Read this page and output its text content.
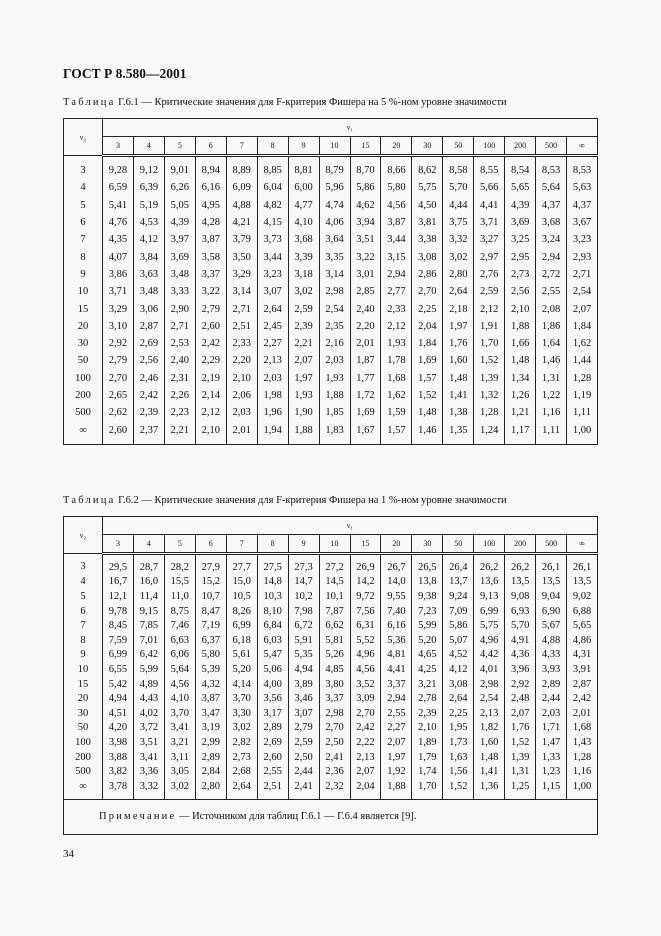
ГОСТ Р 8.580—2001
Таблица Г.6.1 — Критические значения для F-критерия Фишера на 5 %-ном уровне значимости
ν₂	ν₁															
	3	4	5	6	7	8	9	10	15	20	30	50	100	200	500	∞
3	9,28	9,12	9,01	8,94	8,89	8,85	8,81	8,79	8,70	8,66	8,62	8,58	8,55	8,54	8,53	8,53
4	6,59	6,39	6,26	6,16	6,09	6,04	6,00	5,96	5,86	5,80	5,75	5,70	5,66	5,65	5,64	5,63
5	5,41	5,19	5,05	4,95	4,88	4,82	4,77	4,74	4,62	4,56	4,50	4,44	4,41	4,39	4,37	4,37
6	4,76	4,53	4,39	4,28	4,21	4,15	4,10	4,06	3,94	3,87	3,81	3,75	3,71	3,69	3,68	3,67
7	4,35	4,12	3,97	3,87	3,79	3,73	3,68	3,64	3,51	3,44	3,38	3,32	3,27	3,25	3,24	3,23
8	4,07	3,84	3,69	3,58	3,50	3,44	3,39	3,35	3,22	3,15	3,08	3,02	2,97	2,95	2,94	2,93
9	3,86	3,63	3,48	3,37	3,29	3,23	3,18	3,14	3,01	2,94	2,86	2,80	2,76	2,73	2,72	2,71
10	3,71	3,48	3,33	3,22	3,14	3,07	3,02	2,98	2,85	2,77	2,70	2,64	2,59	2,56	2,55	2,54
15	3,29	3,06	2,90	2,79	2,71	2,64	2,59	2,54	2,40	2,33	2,25	2,18	2,12	2,10	2,08	2,07
20	3,10	2,87	2,71	2,60	2,51	2,45	2,39	2,35	2,20	2,12	2,04	1,97	1,91	1,88	1,86	1,84
30	2,92	2,69	2,53	2,42	2,33	2,27	2,21	2,16	2,01	1,93	1,84	1,76	1,70	1,66	1,64	1,62
50	2,79	2,56	2,40	2,29	2,20	2,13	2,07	2,03	1,87	1,78	1,69	1,60	1,52	1,48	1,46	1,44
100	2,70	2,46	2,31	2,19	2,10	2,03	1,97	1,93	1,77	1,68	1,57	1,48	1,39	1,34	1,31	1,28
200	2,65	2,42	2,26	2,14	2,06	1,98	1,93	1,88	1,72	1,62	1,52	1,41	1,32	1,26	1,22	1,19
500	2,62	2,39	2,23	2,12	2,03	1,96	1,90	1,85	1,69	1,59	1,48	1,38	1,28	1,21	1,16	1,11
∞	2,60	2,37	2,21	2,10	2,01	1,94	1,88	1,83	1,67	1,57	1,46	1,35	1,24	1,17	1,11	1,00
Таблица Г.6.2 — Критические значения для F-критерия Фишера на 1 %-ном уровне значимости
ν₂	ν₁															
	3	4	5	6	7	8	9	10	15	20	30	50	100	200	500	∞
3	29,5	28,7	28,2	27,9	27,7	27,5	27,3	27,2	26,9	26,7	26,5	26,4	26,2	26,2	26,1	26,1
4	16,7	16,0	15,5	15,2	15,0	14,8	14,7	14,5	14,2	14,0	13,8	13,7	13,6	13,5	13,5	13,5
5	12,1	11,4	11,0	10,7	10,5	10,3	10,2	10,1	9,72	9,55	9,38	9,24	9,13	9,08	9,04	9,02
6	9,78	9,15	8,75	8,47	8,26	8,10	7,98	7,87	7,56	7,40	7,23	7,09	6,99	6,93	6,90	6,88
7	8,45	7,85	7,46	7,19	6,99	6,84	6,72	6,62	6,31	6,16	5,99	5,86	5,75	5,70	5,67	5,65
8	7,59	7,01	6,63	6,37	6,18	6,03	5,91	5,81	5,52	5,36	5,20	5,07	4,96	4,91	4,88	4,86
9	6,99	6,42	6,06	5,80	5,61	5,47	5,35	5,26	4,96	4,81	4,65	4,52	4,42	4,36	4,33	4,31
10	6,55	5,99	5,64	5,39	5,20	5,06	4,94	4,85	4,56	4,41	4,25	4,12	4,01	3,96	3,93	3,91
15	5,42	4,89	4,56	4,32	4,14	4,00	3,89	3,80	3,52	3,37	3,21	3,08	2,98	2,92	2,89	2,87
20	4,94	4,43	4,10	3,87	3,70	3,56	3,46	3,37	3,09	2,94	2,78	2,64	2,54	2,48	2,44	2,42
30	4,51	4,02	3,70	3,47	3,30	3,17	3,07	2,98	2,70	2,55	2,39	2,25	2,13	2,07	2,03	2,01
50	4,20	3,72	3,41	3,19	3,02	2,89	2,79	2,70	2,42	2,27	2,10	1,95	1,82	1,76	1,71	1,68
100	3,98	3,51	3,21	2,99	2,82	2,69	2,59	2,50	2,22	2,07	1,89	1,73	1,60	1,52	1,47	1,43
200	3,88	3,41	3,11	2,89	2,73	2,60	2,50	2,41	2,13	1,97	1,79	1,63	1,48	1,39	1,33	1,28
500	3,82	3,36	3,05	2,84	2,68	2,55	2,44	2,36	2,07	1,92	1,74	1,56	1,41	1,31	1,23	1,16
∞	3,78	3,32	3,02	2,80	2,64	2,51	2,41	2,32	2,04	1,88	1,70	1,52	1,36	1,25	1,15	1,00
Примечание — Источником для таблиц Г.6.1 — Г.6.4 является [9].																
34
